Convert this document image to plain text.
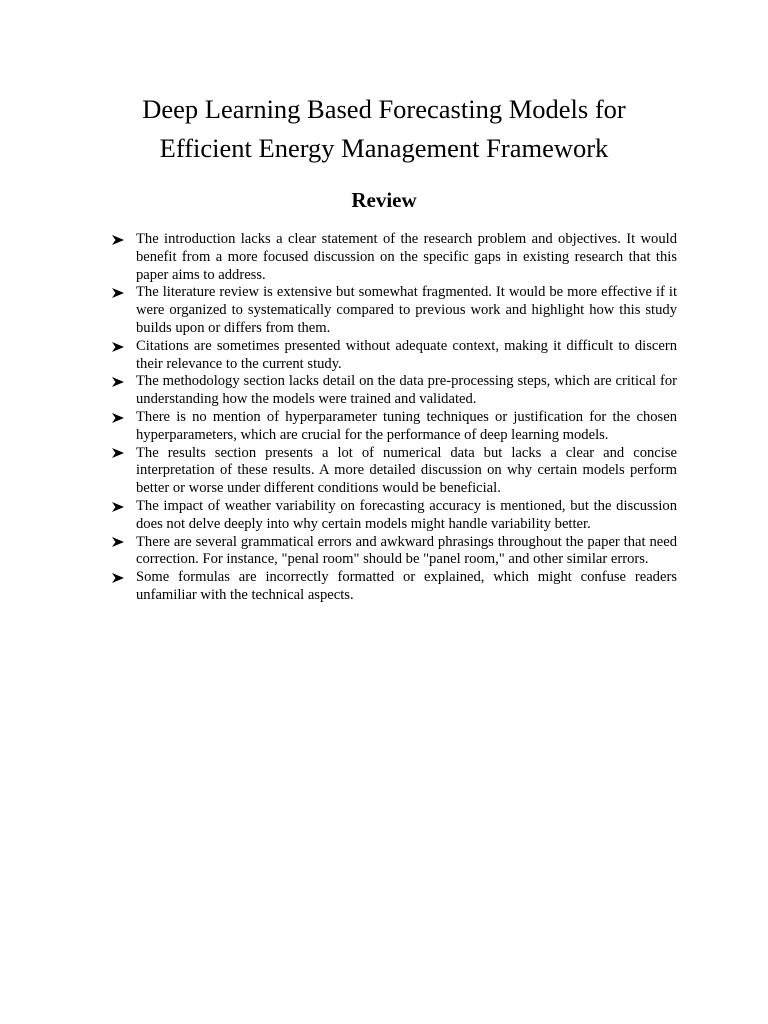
Deep Learning Based Forecasting Models for
Efficient Energy Management Framework
Review
The introduction lacks a clear statement of the research problem and objectives. It would benefit from a more focused discussion on the specific gaps in existing research that this paper aims to address.
The literature review is extensive but somewhat fragmented. It would be more effective if it were organized to systematically compared to previous work and highlight how this study builds upon or differs from them.
Citations are sometimes presented without adequate context, making it difficult to discern their relevance to the current study.
The methodology section lacks detail on the data pre-processing steps, which are critical for understanding how the models were trained and validated.
There is no mention of hyperparameter tuning techniques or justification for the chosen hyperparameters, which are crucial for the performance of deep learning models.
The results section presents a lot of numerical data but lacks a clear and concise interpretation of these results. A more detailed discussion on why certain models perform better or worse under different conditions would be beneficial.
The impact of weather variability on forecasting accuracy is mentioned, but the discussion does not delve deeply into why certain models might handle variability better.
There are several grammatical errors and awkward phrasings throughout the paper that need correction. For instance, "penal room" should be "panel room," and other similar errors.
Some formulas are incorrectly formatted or explained, which might confuse readers unfamiliar with the technical aspects.
